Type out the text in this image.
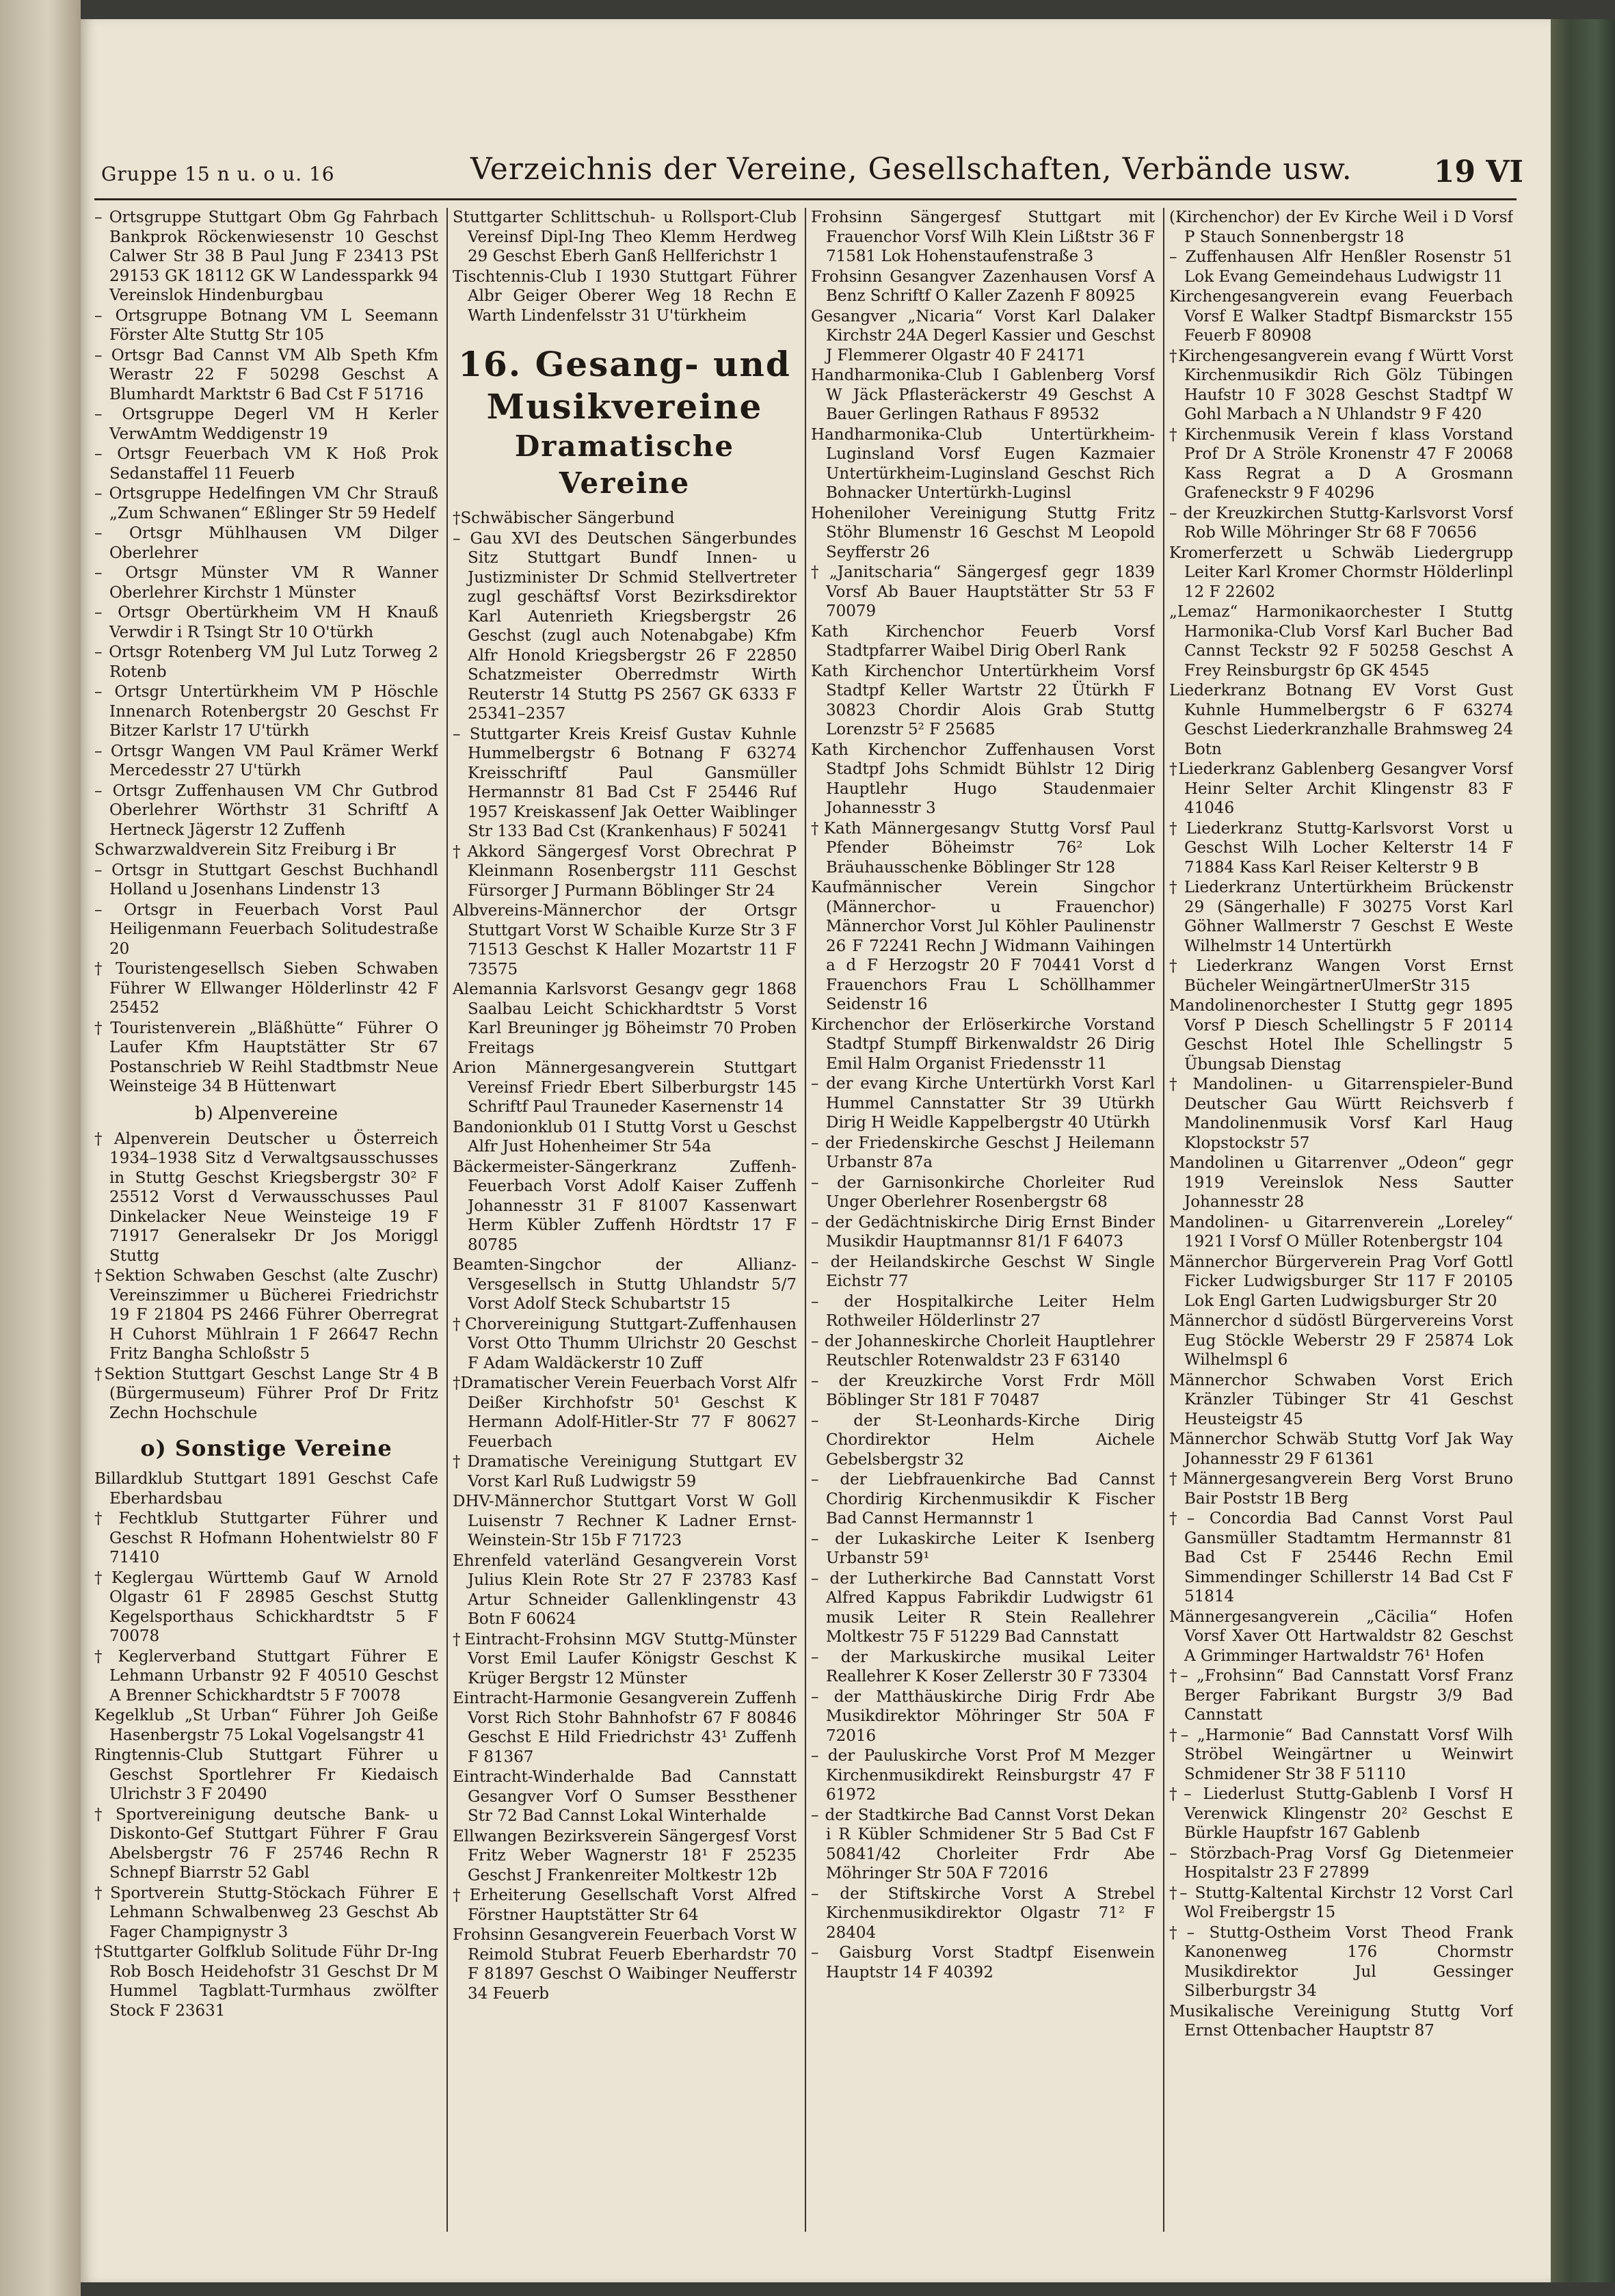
Gruppe 15 n u. o u. 16	Verzeichnis der Vereine, Gesellschaften, Verbände usw.	19 VI
– Ortsgruppe Stuttgart Obm Gg Fahrbach Bankprok Röckenwiesenstr 10 Geschst Calwer Str 38 B Paul Jung F 23413 PSt 29153 GK 18112 GK W Landessparkk 94 Vereinslok Hindenburgbau
– Ortsgruppe Botnang VM L Seemann Förster Alte Stuttg Str 105
– Ortsgr Bad Cannst VM Alb Speth Kfm Werastr 22 F 50298 Geschst A Blumhardt Marktstr 6 Bad Cst F 51716
– Ortsgruppe Degerl VM H Kerler VerwAmtm Weddigenstr 19
– Ortsgr Feuerbach VM K Hoß Prok Sedanstaffel 11 Feuerb
– Ortsgruppe Hedelfingen VM Chr Strauß „Zum Schwanen“ Eßlinger Str 59 Hedelf
– Ortsgr Mühlhausen VM Dilger Oberlehrer
– Ortsgr Münster VM R Wanner Oberlehrer Kirchstr 1 Münster
– Ortsgr Obertürkheim VM H Knauß Verwdir i R Tsingt Str 10 O'türkh
– Ortsgr Rotenberg VM Jul Lutz Torweg 2 Rotenb
– Ortsgr Untertürkheim VM P Höschle Innenarch Rotenbergstr 20 Geschst Fr Bitzer Karlstr 17 U'türkh
– Ortsgr Wangen VM Paul Krämer Werkf Mercedesstr 27 U'türkh
– Ortsgr Zuffenhausen VM Chr Gutbrod Oberlehrer Wörthstr 31 Schriftf A Hertneck Jägerstr 12 Zuffenh
Schwarzwaldverein Sitz Freiburg i Br
– Ortsgr in Stuttgart Geschst Buchhandl Holland u Josenhans Lindenstr 13
– Ortsgr in Feuerbach Vorst Paul Heiligenmann Feuerbach Solitudestraße 20
†Touristengesellsch Sieben Schwaben Führer W Ellwanger Hölderlinstr 42 F 25452
†Touristenverein „Bläßhütte“ Führer O Laufer Kfm Hauptstätter Str 67 Postanschrieb W Reihl Stadtbmstr Neue Weinsteige 34 B Hüttenwart
b) Alpenvereine
†Alpenverein Deutscher u Österreich 1934–1938 Sitz d Verwaltgsausschusses in Stuttg Geschst Kriegsbergstr 30² F 25512 Vorst d Verwausschusses Paul Dinkelacker Neue Weinsteige 19 F 71917 Generalsekr Dr Jos Moriggl Stuttg
†Sektion Schwaben Geschst (alte Zuschr) Vereinszimmer u Bücherei Friedrichstr 19 F 21804 PS 2466 Führer Oberregrat H Cuhorst Mühlrain 1 F 26647 Rechn Fritz Bangha Schloßstr 5
†Sektion Stuttgart Geschst Lange Str 4 B (Bürgermuseum) Führer Prof Dr Fritz Zechn Hochschule
o) Sonstige Vereine
Billardklub Stuttgart 1891 Geschst Cafe Eberhardsbau
†Fechtklub Stuttgarter Führer und Geschst R Hofmann Hohentwielstr 80 F 71410
†Keglergau Württemb Gauf W Arnold Olgastr 61 F 28985 Geschst Stuttg Kegelsporthaus Schickhardtstr 5 F 70078
†Keglerverband Stuttgart Führer E Lehmann Urbanstr 92 F 40510 Geschst A Brenner Schickhardtstr 5 F 70078
Kegelklub „St Urban“ Führer Joh Geiße Hasenbergstr 75 Lokal Vogelsangstr 41
Ringtennis-Club Stuttgart Führer u Geschst Sportlehrer Fr Kiedaisch Ulrichstr 3 F 20490
†Sportvereinigung deutsche Bank- u Diskonto-Gef Stuttgart Führer F Grau Abelsbergstr 76 F 25746 Rechn R Schnepf Biarrstr 52 Gabl
†Sportverein Stuttg-Stöckach Führer E Lehmann Schwalbenweg 23 Geschst Ab Fager Champignystr 3
†Stuttgarter Golfklub Solitude Führ Dr-Ing Rob Bosch Heidehofstr 31 Geschst Dr M Hummel Tagblatt-Turmhaus zwölfter Stock F 23631
Stuttgarter Schlittschuh- u Rollsport-Club Vereinsf Dipl-Ing Theo Klemm Herdweg 29 Geschst Eberh Ganß Hellferichstr 1
Tischtennis-Club I 1930 Stuttgart Führer Albr Geiger Oberer Weg 18 Rechn E Warth Lindenfelsstr 31 U'türkheim
16. Gesang- und Musikvereine
Dramatische Vereine
†Schwäbischer Sängerbund
– Gau XVI des Deutschen Sängerbundes Sitz Stuttgart Bundf Innen- u Justizminister Dr Schmid Stellvertreter zugl geschäftsf Vorst Bezirksdirektor Karl Autenrieth Kriegsbergstr 26 Geschst (zugl auch Notenabgabe) Kfm Alfr Honold Kriegsbergstr 26 F 22850 Schatzmeister Oberredmstr Wirth Reuterstr 14 Stuttg PS 2567 GK 6333 F 25341–2357
– Stuttgarter Kreis Kreisf Gustav Kuhnle Hummelbergstr 6 Botnang F 63274 Kreisschriftf Paul Gansmüller Hermannstr 81 Bad Cst F 25446 Ruf 1957 Kreiskassenf Jak Oetter Waiblinger Str 133 Bad Cst (Krankenhaus) F 50241
†Akkord Sängergesf Vorst Obrechrat P Kleinmann Rosenbergstr 111 Geschst Fürsorger J Purmann Böblinger Str 24
Albvereins-Männerchor der Ortsgr Stuttgart Vorst W Schaible Kurze Str 3 F 71513 Geschst K Haller Mozartstr 11 F 73575
Alemannia Karlsvorst Gesangv gegr 1868 Saalbau Leicht Schickhardtstr 5 Vorst Karl Breuninger jg Böheimstr 70 Proben Freitags
Arion Männergesangverein Stuttgart Vereinsf Friedr Ebert Silberburgstr 145 Schriftf Paul Trauneder Kasernenstr 14
Bandonionklub 01 I Stuttg Vorst u Geschst Alfr Just Hohenheimer Str 54a
Bäckermeister-Sängerkranz Zuffenh-Feuerbach Vorst Adolf Kaiser Zuffenh Johannesstr 31 F 81007 Kassenwart Herm Kübler Zuffenh Hördtstr 17 F 80785
Beamten-Singchor der Allianz-Versgesellsch in Stuttg Uhlandstr 5/7 Vorst Adolf Steck Schubartstr 15
†Chorvereinigung Stuttgart-Zuffenhausen Vorst Otto Thumm Ulrichstr 20 Geschst F Adam Waldäckerstr 10 Zuff
†Dramatischer Verein Feuerbach Vorst Alfr Deißer Kirchhofstr 50¹ Geschst K Hermann Adolf-Hitler-Str 77 F 80627 Feuerbach
†Dramatische Vereinigung Stuttgart EV Vorst Karl Ruß Ludwigstr 59
DHV-Männerchor Stuttgart Vorst W Goll Luisenstr 7 Rechner K Ladner Ernst-Weinstein-Str 15b F 71723
Ehrenfeld vaterländ Gesangverein Vorst Julius Klein Rote Str 27 F 23783 Kasf Artur Schneider Gallenklingenstr 43 Botn F 60624
†Eintracht-Frohsinn MGV Stuttg-Münster Vorst Emil Laufer Königstr Geschst K Krüger Bergstr 12 Münster
Eintracht-Harmonie Gesangverein Zuffenh Vorst Rich Stohr Bahnhofstr 67 F 80846 Geschst E Hild Friedrichstr 43¹ Zuffenh F 81367
Eintracht-Winderhalde Bad Cannstatt Gesangver Vorf O Sumser Bessthener Str 72 Bad Cannst Lokal Winterhalde
Ellwangen Bezirksverein Sängergesf Vorst Fritz Weber Wagnerstr 18¹ F 25235 Geschst J Frankenreiter Moltkestr 12b
†Erheiterung Gesellschaft Vorst Alfred Förstner Hauptstätter Str 64
Frohsinn Gesangverein Feuerbach Vorst W Reimold Stubrat Feuerb Eberhardstr 70 F 81897 Geschst O Waibinger Neufferstr 34 Feuerb
Frohsinn Sängergesf Stuttgart mit Frauenchor Vorsf Wilh Klein Lißtstr 36 F 71581 Lok Hohenstaufenstraße 3
Frohsinn Gesangver Zazenhausen Vorsf A Benz Schriftf O Kaller Zazenh F 80925
Gesangver „Nicaria“ Vorst Karl Dalaker Kirchstr 24A Degerl Kassier und Geschst J Flemmerer Olgastr 40 F 24171
Handharmonika-Club I Gablenberg Vorsf W Jäck Pflasteräckerstr 49 Geschst A Bauer Gerlingen Rathaus F 89532
Handharmonika-Club Untertürkheim-Luginsland Vorsf Eugen Kazmaier Untertürkheim-Luginsland Geschst Rich Bohnacker Untertürkh-Luginsl
Hoheniloher Vereinigung Stuttg Fritz Stöhr Blumenstr 16 Geschst M Leopold Seyfferstr 26
†„Janitscharia“ Sängergesf gegr 1839 Vorsf Ab Bauer Hauptstätter Str 53 F 70079
Kath Kirchenchor Feuerb Vorsf Stadtpfarrer Waibel Dirig Oberl Rank
Kath Kirchenchor Untertürkheim Vorsf Stadtpf Keller Wartstr 22 Ütürkh F 30823 Chordir Alois Grab Stuttg Lorenzstr 5² F 25685
Kath Kirchenchor Zuffenhausen Vorst Stadtpf Johs Schmidt Bühlstr 12 Dirig Hauptlehr Hugo Staudenmaier Johannesstr 3
†Kath Männergesangv Stuttg Vorsf Paul Pfender Böheimstr 76² Lok Bräuhausschenke Böblinger Str 128
Kaufmännischer Verein Singchor (Männerchor- u Frauenchor) Männerchor Vorst Jul Köhler Paulinenstr 26 F 72241 Rechn J Widmann Vaihingen a d F Herzogstr 20 F 70441 Vorst d Frauenchors Frau L Schöllhammer Seidenstr 16
Kirchenchor der Erlöserkirche Vorstand Stadtpf Stumpff Birkenwaldstr 26 Dirig Emil Halm Organist Friedensstr 11
– der evang Kirche Untertürkh Vorst Karl Hummel Cannstatter Str 39 Utürkh Dirig H Weidle Kappelbergstr 40 Utürkh
– der Friedenskirche Geschst J Heilemann Urbanstr 87a
– der Garnisonkirche Chorleiter Rud Unger Oberlehrer Rosenbergstr 68
– der Gedächtniskirche Dirig Ernst Binder Musikdir Hauptmannsr 81/1 F 64073
– der Heilandskirche Geschst W Single Eichstr 77
– der Hospitalkirche Leiter Helm Rothweiler Hölderlinstr 27
– der Johanneskirche Chorleit Hauptlehrer Reutschler Rotenwaldstr 23 F 63140
– der Kreuzkirche Vorst Frdr Möll Böblinger Str 181 F 70487
– der St-Leonhards-Kirche Dirig Chordirektor Helm Aichele Gebelsbergstr 32
– der Liebfrauenkirche Bad Cannst Chordirig Kirchenmusikdir K Fischer Bad Cannst Hermannstr 1
– der Lukaskirche Leiter K Isenberg Urbanstr 59¹
– der Lutherkirche Bad Cannstatt Vorst Alfred Kappus Fabrikdir Ludwigstr 61 musik Leiter R Stein Reallehrer Moltkestr 75 F 51229 Bad Cannstatt
– der Markuskirche musikal Leiter Reallehrer K Koser Zellerstr 30 F 73304
– der Matthäuskirche Dirig Frdr Abe Musikdirektor Möhringer Str 50A F 72016
– der Pauluskirche Vorst Prof M Mezger Kirchenmusikdirekt Reinsburgstr 47 F 61972
– der Stadtkirche Bad Cannst Vorst Dekan i R Kübler Schmidener Str 5 Bad Cst F 50841/42 Chorleiter Frdr Abe Möhringer Str 50A F 72016
– der Stiftskirche Vorst A Strebel Kirchenmusikdirektor Olgastr 71² F 28404
– Gaisburg Vorst Stadtpf Eisenwein Hauptstr 14 F 40392
(Kirchenchor) der Ev Kirche Weil i D Vorsf P Stauch Sonnenbergstr 18
– Zuffenhausen Alfr Henßler Rosenstr 51 Lok Evang Gemeindehaus Ludwigstr 11
Kirchengesangverein evang Feuerbach Vorsf E Walker Stadtpf Bismarckstr 155 Feuerb F 80908
†Kirchengesangverein evang f Württ Vorst Kirchenmusikdir Rich Gölz Tübingen Haufstr 10 F 3028 Geschst Stadtpf W Gohl Marbach a N Uhlandstr 9 F 420
†Kirchenmusik Verein f klass Vorstand Prof Dr A Ströle Kronenstr 47 F 20068 Kass Regrat a D A Grosmann Grafeneckstr 9 F 40296
– der Kreuzkirchen Stuttg-Karlsvorst Vorsf Rob Wille Möhringer Str 68 F 70656
Kromerferzett u Schwäb Liedergrupp Leiter Karl Kromer Chormstr Hölderlinpl 12 F 22602
„Lemaz“ Harmonikaorchester I Stuttg Harmonika-Club Vorsf Karl Bucher Bad Cannst Teckstr 92 F 50258 Geschst A Frey Reinsburgstr 6p GK 4545
Liederkranz Botnang EV Vorst Gust Kuhnle Hummelbergstr 6 F 63274 Geschst Liederkranzhalle Brahmsweg 24 Botn
†Liederkranz Gablenberg Gesangver Vorsf Heinr Selter Archit Klingenstr 83 F 41046
†Liederkranz Stuttg-Karlsvorst Vorst u Geschst Wilh Locher Kelterstr 14 F 71884 Kass Karl Reiser Kelterstr 9 B
†Liederkranz Untertürkheim Brückenstr 29 (Sängerhalle) F 30275 Vorst Karl Göhner Wallmerstr 7 Geschst E Weste Wilhelmstr 14 Untertürkh
†Liederkranz Wangen Vorst Ernst Bücheler WeingärtnerUlmerStr 315
Mandolinenorchester I Stuttg gegr 1895 Vorsf P Diesch Schellingstr 5 F 20114 Geschst Hotel Ihle Schellingstr 5 Übungsab Dienstag
†Mandolinen- u Gitarrenspieler-Bund Deutscher Gau Württ Reichsverb f Mandolinenmusik Vorsf Karl Haug Klopstockstr 57
Mandolinen u Gitarrenver „Odeon“ gegr 1919 Vereinslok Ness Sautter Johannesstr 28
Mandolinen- u Gitarrenverein „Loreley“ 1921 I Vorsf O Müller Rotenbergstr 104
Männerchor Bürgerverein Prag Vorf Gottl Ficker Ludwigsburger Str 117 F 20105 Lok Engl Garten Ludwigsburger Str 20
Männerchor d südöstl Bürgervereins Vorst Eug Stöckle Weberstr 29 F 25874 Lok Wilhelmspl 6
Männerchor Schwaben Vorst Erich Kränzler Tübinger Str 41 Geschst Heusteigstr 45
Männerchor Schwäb Stuttg Vorf Jak Way Johannesstr 29 F 61361
†Männergesangverein Berg Vorst Bruno Bair Poststr 1B Berg
†– Concordia Bad Cannst Vorst Paul Gansmüller Stadtamtm Hermannstr 81 Bad Cst F 25446 Rechn Emil Simmendinger Schillerstr 14 Bad Cst F 51814
Männergesangverein „Cäcilia“ Hofen Vorsf Xaver Ott Hartwaldstr 82 Geschst A Grimminger Hartwaldstr 76¹ Hofen
†– „Frohsinn“ Bad Cannstatt Vorsf Franz Berger Fabrikant Burgstr 3/9 Bad Cannstatt
†– „Harmonie“ Bad Cannstatt Vorsf Wilh Ströbel Weingärtner u Weinwirt Schmidener Str 38 F 51110
†– Liederlust Stuttg-Gablenb I Vorsf H Verenwick Klingenstr 20² Geschst E Bürkle Haupfstr 167 Gablenb
– Störzbach-Prag Vorsf Gg Dietenmeier Hospitalstr 23 F 27899
†– Stuttg-Kaltental Kirchstr 12 Vorst Carl Wol Freibergstr 15
†– Stuttg-Ostheim Vorst Theod Frank Kanonenweg 176 Chormstr Musikdirektor Jul Gessinger Silberburgstr 34
Musikalische Vereinigung Stuttg Vorf Ernst Ottenbacher Hauptstr 87
